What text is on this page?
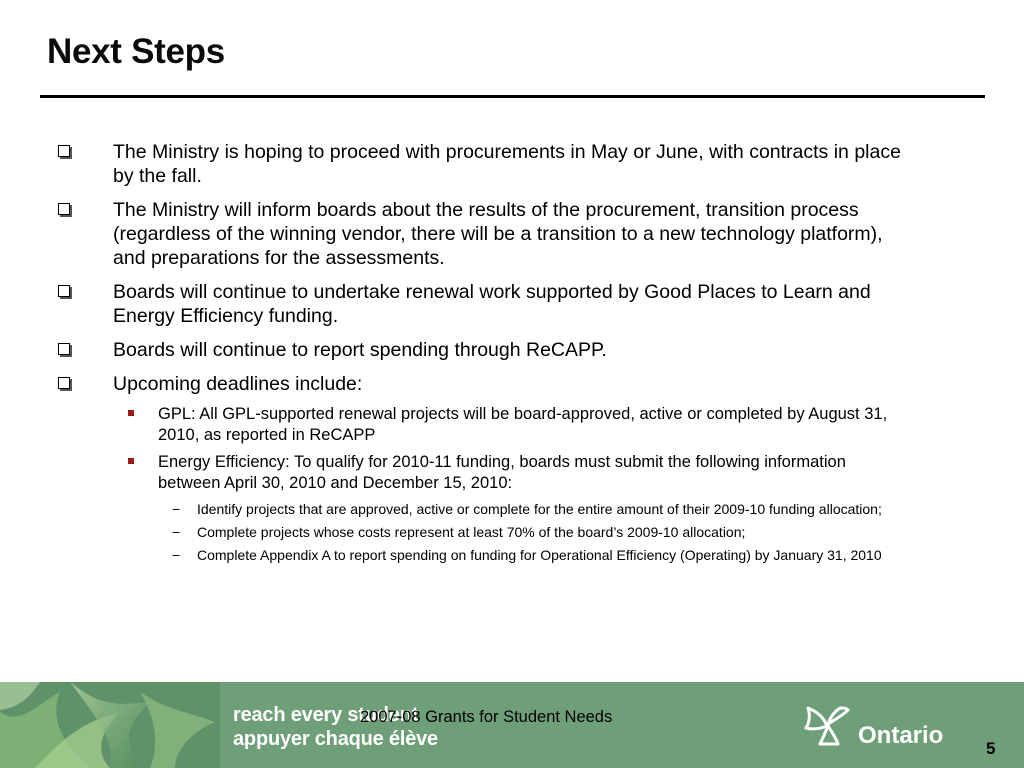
Next Steps
The Ministry is hoping to proceed with procurements in May or June, with contracts in place by the fall.
The Ministry will inform boards about the results of the procurement, transition process (regardless of the winning vendor, there will be a transition to a new technology platform), and preparations for the assessments.
Boards will continue to undertake renewal work supported by Good Places to Learn and Energy Efficiency funding.
Boards will continue to report spending through ReCAPP.
Upcoming deadlines include:
GPL: All GPL-supported renewal projects will be board-approved, active or completed by August 31, 2010, as reported in ReCAPP
Energy Efficiency: To qualify for 2010-11 funding, boards must submit the following information between April 30, 2010 and December 15, 2010:
− Identify projects that are approved, active or complete for the entire amount of their 2009-10 funding allocation;
− Complete projects whose costs represent at least 70% of the board’s 2009-10 allocation;
− Complete Appendix A to report spending on funding for Operational Efficiency (Operating) by January 31, 2010
reach every student
appuyer chaque élève
2007-08 Grants for Student Needs
Ontario	5
